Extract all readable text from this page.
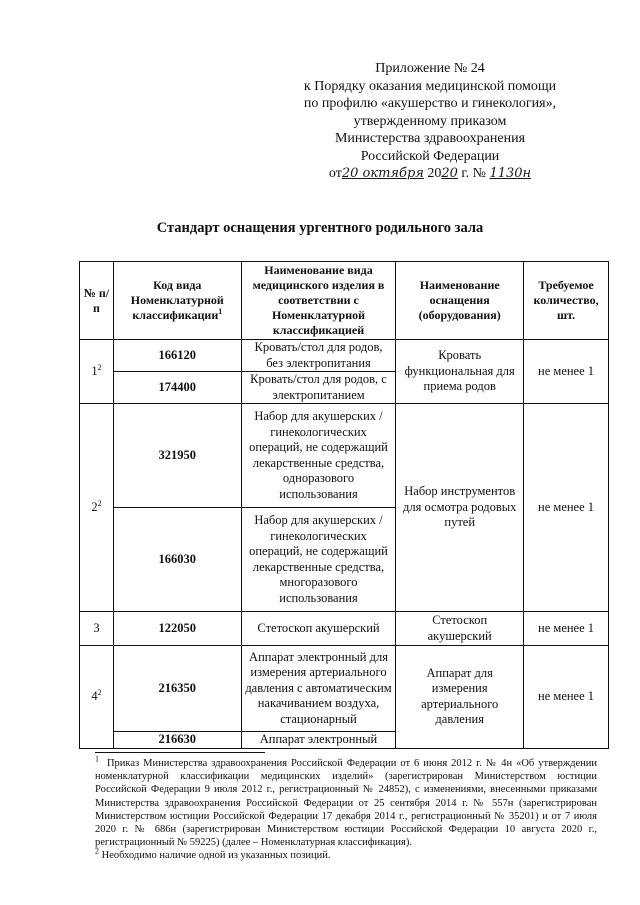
Приложение № 24
к Порядку оказания медицинской помощи
по профилю «акушерство и гинекология»,
утвержденному приказом
Министерства здравоохранения
Российской Федерации
от20 октября 2020 г. № 1130н
Стандарт оснащения ургентного родильного зала
№ п/п	Код вида Номенклатурной классификации$^1$	Наименование вида медицинского изделия в соответствии с Номенклатурной классификацией	Наименование оснащения (оборудования)	Требуемое количество, шт.
$1^2$	166120	Кровать/стол для родов, без электропитания	Кровать функциональная для приема родов	не менее 1
	174400	Кровать/стол для родов, с электропитанием		
$2^2$	321950	Набор для акушерских /гинекологических операций, не содержащий лекарственные средства, одноразового использования	Набор инструментов для осмотра родовых путей	не менее 1
	166030	Набор для акушерских /гинекологических операций, не содержащий лекарственные средства, многоразового использования		
3	122050	Стетоскоп акушерский	Стетоскоп акушерский	не менее 1
$4^2$	216350	Аппарат электронный для измерения артериального давления с автоматическим накачиванием воздуха, стационарный	Аппарат для измерения артериального давления	не менее 1
	216630	Аппарат электронный		

$^1$ Приказ Министерства здравоохранения Российской Федерации от 6 июня 2012 г. № 4н «Об утверждении номенклатурной классификации медицинских изделий» (зарегистрирован Министерством юстиции Российской Федерации 9 июля 2012 г., регистрационный № 24852), с изменениями, внесенными приказами Министерства здравоохранения Российской Федерации от 25 сентября 2014 г. № 557н (зарегистрирован Министерством юстиции Российской Федерации 17 декабря 2014 г., регистрационный № 35201) и от 7 июля 2020 г. № 686н (зарегистрирован Министерством юстиции Российской Федерации 10 августа 2020 г., регистрационный № 59225) (далее – Номенклатурная классификация).

$^2$ Необходимо наличие одной из указанных позиций.
